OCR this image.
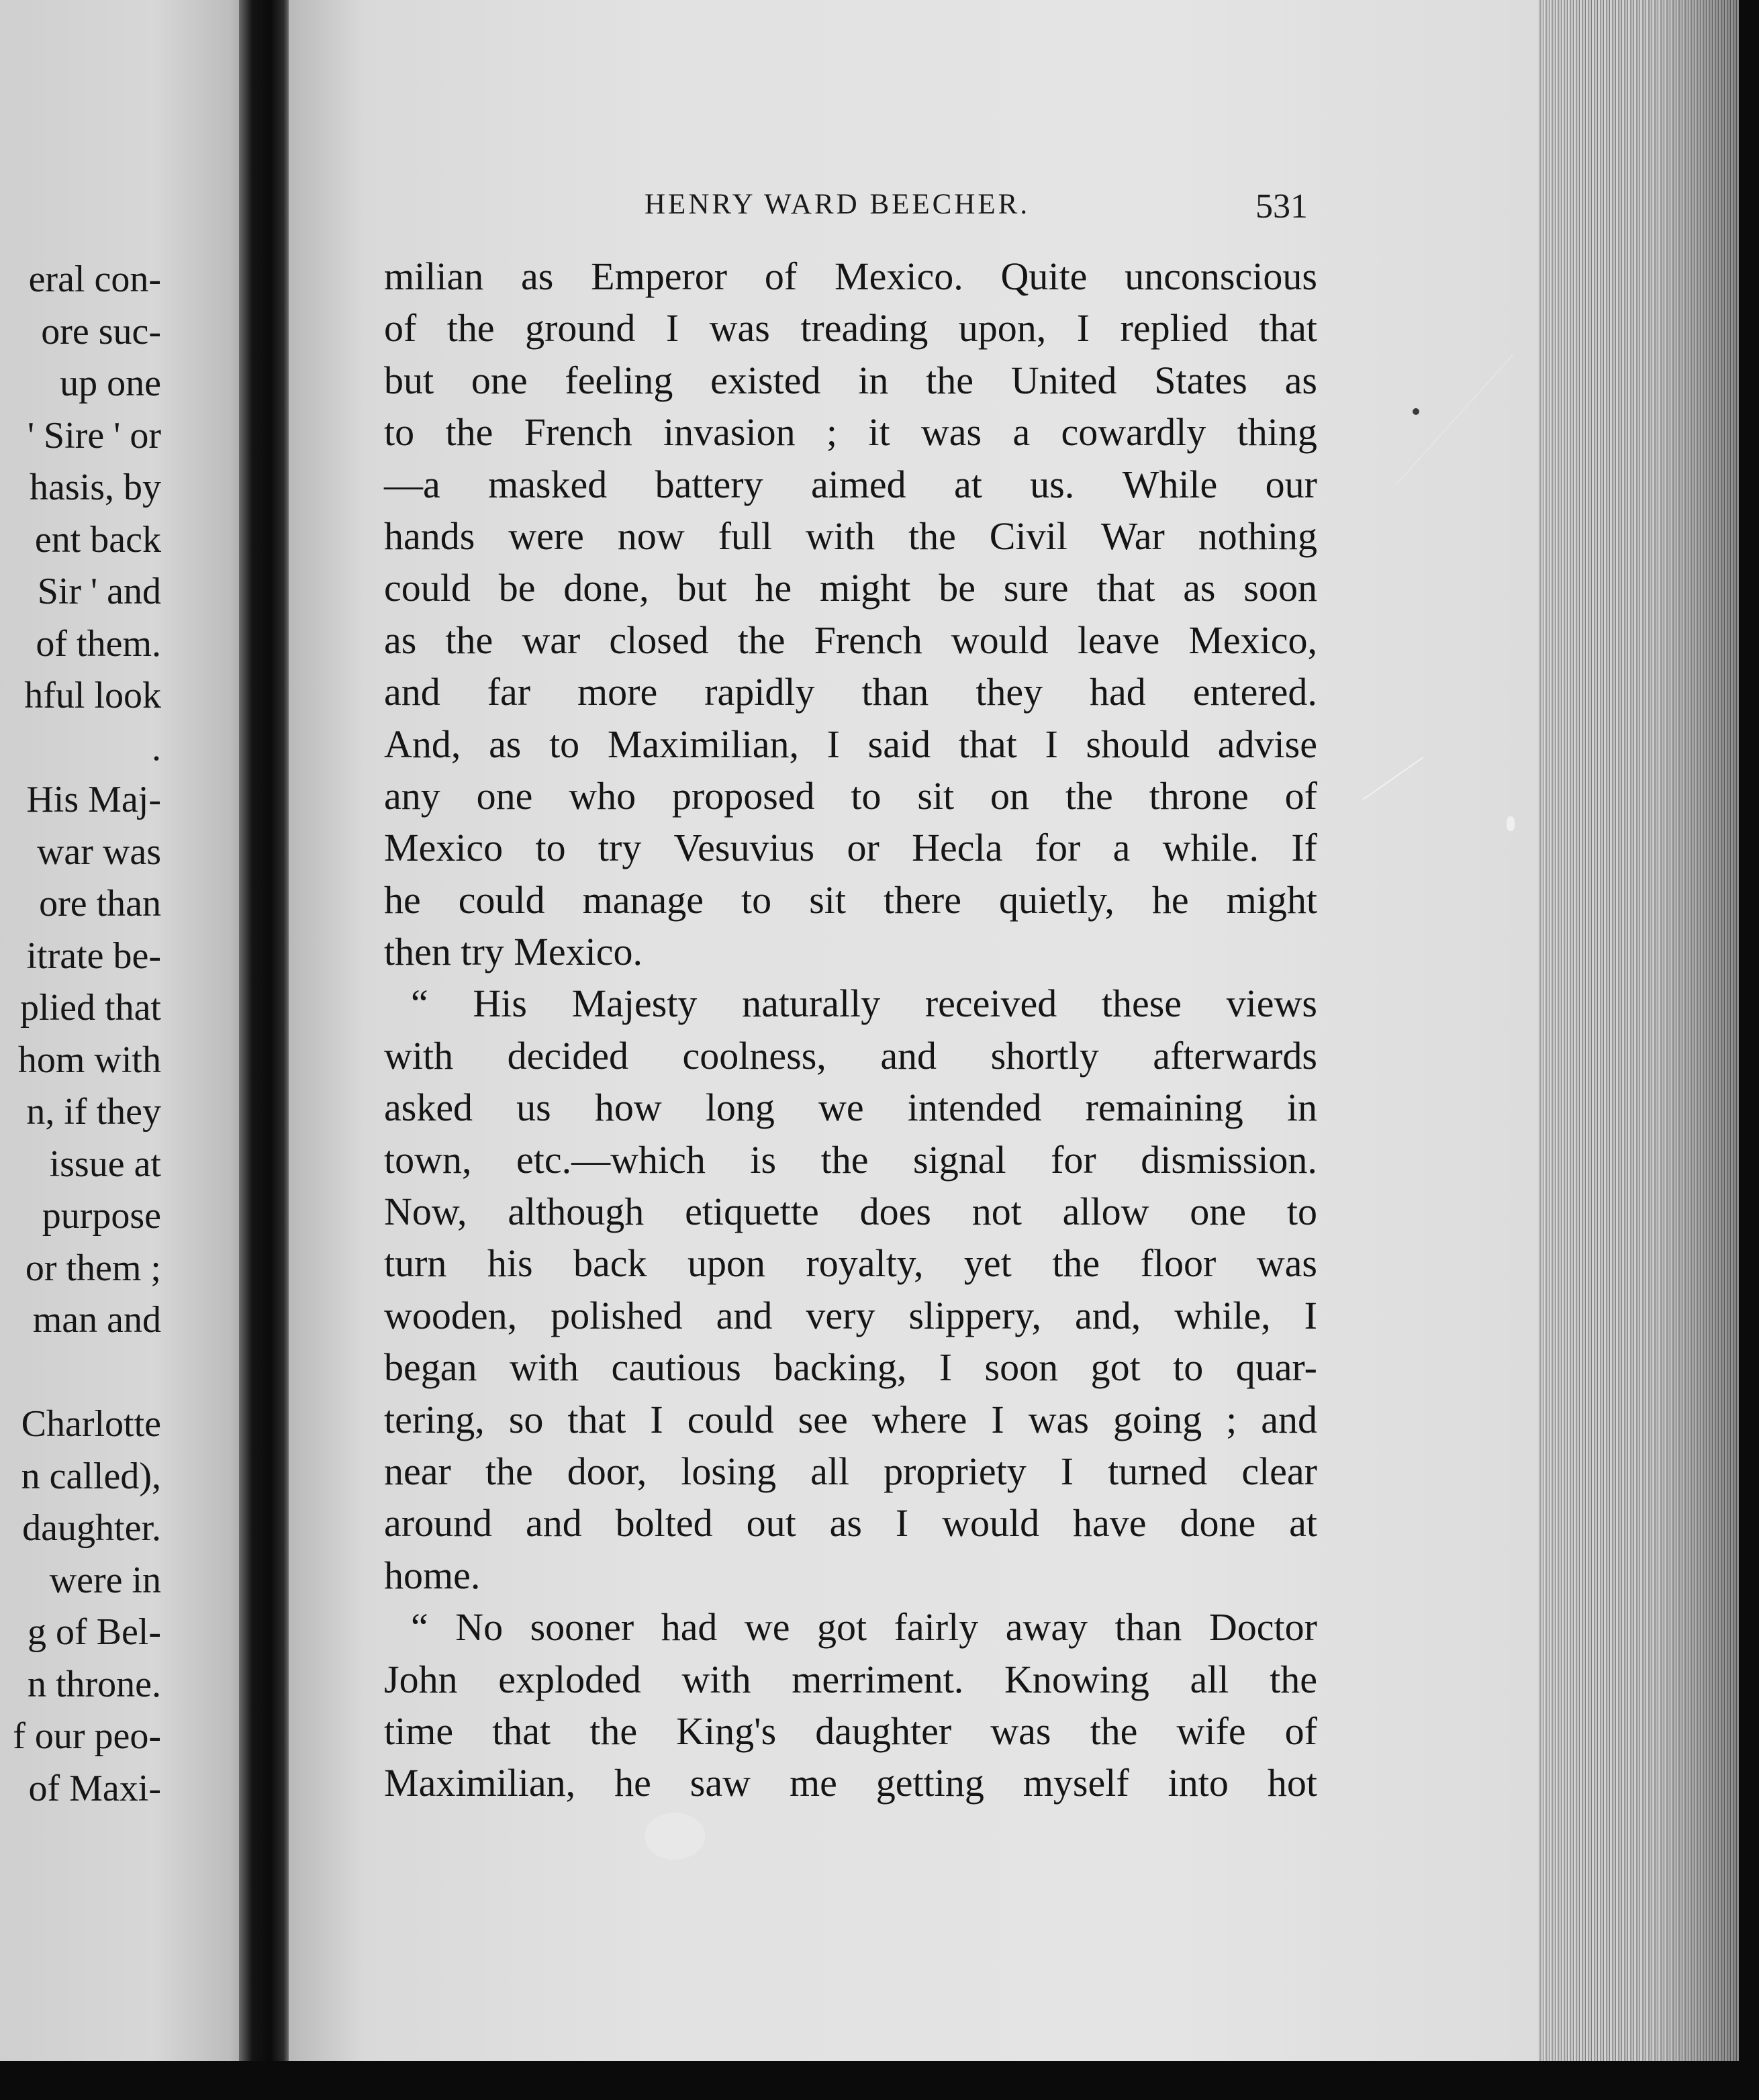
eral con-
ore suc-
up one
' Sire ' or
hasis, by
ent back
Sir ' and
of them.
hful look
.
His Maj-
war was
ore than
itrate be-
plied that
hom with
n, if they
issue at
purpose
or them ;
man and
Charlotte
n called),
daughter.
were in
g of Bel-
n throne.
f our peo-
of Maxi-
HENRY WARD BEECHER.	531
milian as Emperor of Mexico. Quite unconscious
of the ground I was treading upon, I replied that
but one feeling existed in the United States as
to the French invasion ; it was a cowardly thing
—a masked battery aimed at us. While our
hands were now full with the Civil War nothing
could be done, but he might be sure that as soon
as the war closed the French would leave Mexico,
and far more rapidly than they had entered.
And, as to Maximilian, I said that I should advise
any one who proposed to sit on the throne of
Mexico to try Vesuvius or Hecla for a while. If
he could manage to sit there quietly, he might
then try Mexico.
“ His Majesty naturally received these views
with decided coolness, and shortly afterwards
asked us how long we intended remaining in
town, etc.—which is the signal for dismission.
Now, although etiquette does not allow one to
turn his back upon royalty, yet the floor was
wooden, polished and very slippery, and, while, I
began with cautious backing, I soon got to quar-
tering, so that I could see where I was going ; and
near the door, losing all propriety I turned clear
around and bolted out as I would have done at
home.
“ No sooner had we got fairly away than Doctor
John exploded with merriment. Knowing all the
time that the King's daughter was the wife of
Maximilian, he saw me getting myself into hot
